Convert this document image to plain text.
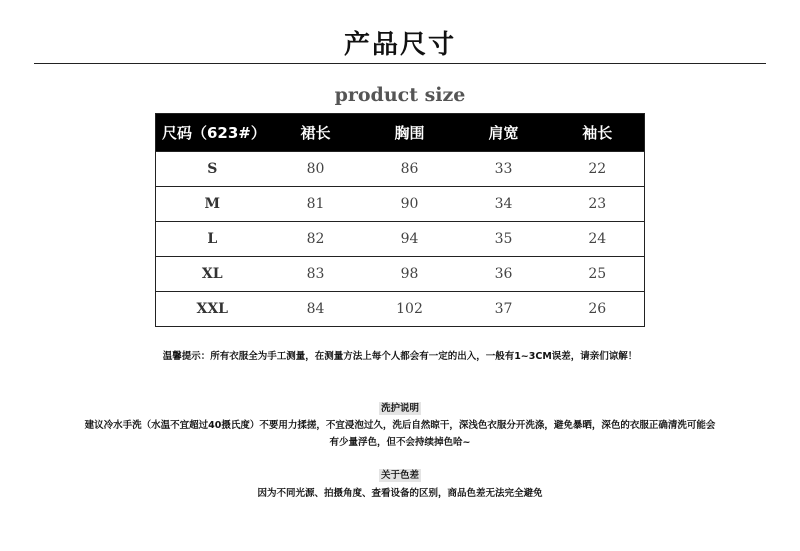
产品尺寸
product size
尺码（623#）	裙长	胸围	肩宽	袖长
S	80	86	33	22
M	81	90	34	23
L	82	94	35	24
XL	83	98	36	25
XXL	84	102	37	26
温馨提示：所有衣服全为手工测量，在测量方法上每个人都会有一定的出入，一般有1~3CM误差，请亲们谅解！
洗护说明
建议冷水手洗（水温不宜超过40摄氏度）不要用力揉搓，不宜浸泡过久，洗后自然晾干，深浅色衣服分开洗涤，避免暴晒，深色的衣服正确清洗可能会
有少量浮色，但不会持续掉色哈~
关于色差
因为不同光源、拍摄角度、查看设备的区别，商品色差无法完全避免
